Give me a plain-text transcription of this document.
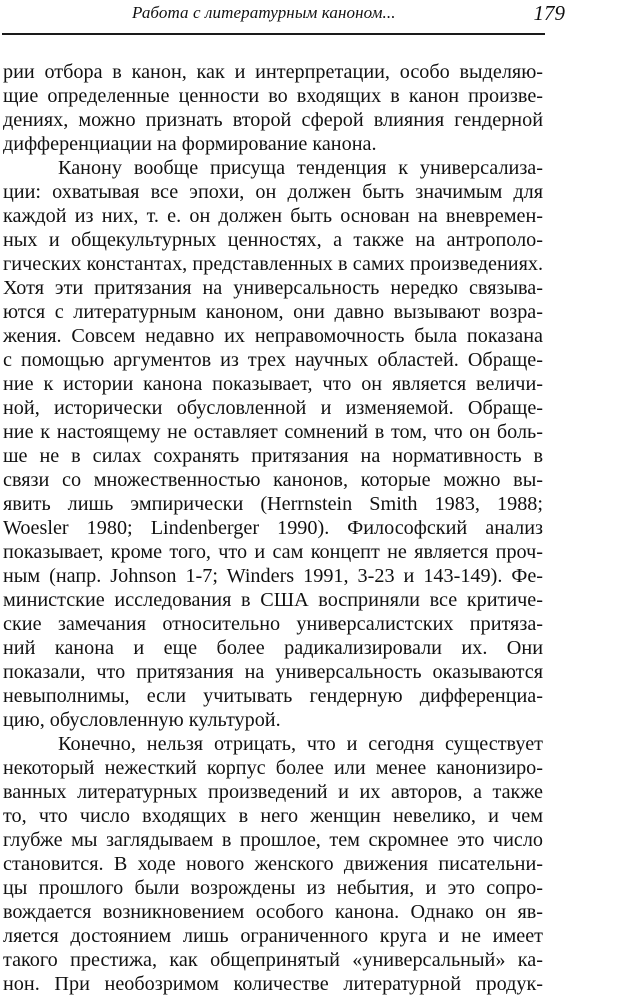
Работа с литературным каноном...	179
рии отбора в канон, как и интерпретации, особо выделяю-
щие определенные ценности во входящих в канон произве-
дениях, можно признать второй сферой влияния гендерной
дифференциации на формирование канона.
Канону вообще присуща тенденция к универсализа-
ции: охватывая все эпохи, он должен быть значимым для
каждой из них, т. е. он должен быть основан на вневремен-
ных и общекультурных ценностях, а также на антрополо-
гических константах, представленных в самих произведениях.
Хотя эти притязания на универсальность нередко связыва-
ются с литературным каноном, они давно вызывают возра-
жения. Совсем недавно их неправомочность была показана
с помощью аргументов из трех научных областей. Обраще-
ние к истории канона показывает, что он является величи-
ной, исторически обусловленной и изменяемой. Обраще-
ние к настоящему не оставляет сомнений в том, что он боль-
ше не в силах сохранять притязания на нормативность в
связи со множественностью канонов, которые можно вы-
явить лишь эмпирически (Herrnstein Smith 1983, 1988;
Woesler 1980; Lindenberger 1990). Философский анализ
показывает, кроме того, что и сам концепт не является проч-
ным (напр. Johnson 1-7; Winders 1991, 3-23 и 143-149). Фе-
министские исследования в США восприняли все критиче-
ские замечания относительно универсалистских притяза-
ний канона и еще более радикализировали их. Они
показали, что притязания на универсальность оказываются
невыполнимы, если учитывать гендерную дифференциа-
цию, обусловленную культурой.
Конечно, нельзя отрицать, что и сегодня существует
некоторый нежесткий корпус более или менее канонизиро-
ванных литературных произведений и их авторов, а также
то, что число входящих в него женщин невелико, и чем
глубже мы заглядываем в прошлое, тем скромнее это число
становится. В ходе нового женского движения писательни-
цы прошлого были возрождены из небытия, и это сопро-
вождается возникновением особого канона. Однако он яв-
ляется достоянием лишь ограниченного круга и не имеет
такого престижа, как общепринятый «универсальный» ка-
нон. При необозримом количестве литературной продук-
